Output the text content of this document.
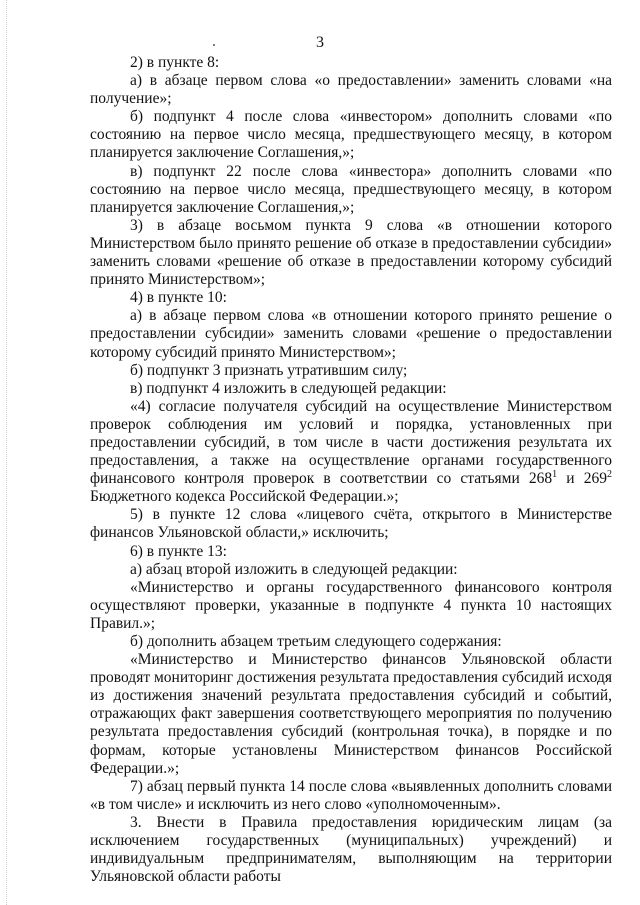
3

2) в пункте 8:

а) в абзаце первом слова «о предоставлении» заменить словами «на получение»;

б) подпункт 4 после слова «инвестором» дополнить словами «по состоянию на первое число месяца, предшествующего месяцу, в котором планируется заключение Соглашения,»;

в) подпункт 22 после слова «инвестора» дополнить словами «по состоянию на первое число месяца, предшествующего месяцу, в котором планируется заключение Соглашения,»;

3) в абзаце восьмом пункта 9 слова «в отношении которого Министерством было принято решение об отказе в предоставлении субсидии» заменить словами «решение об отказе в предоставлении которому субсидий принято Министерством»;

4) в пункте 10:

а) в абзаце первом слова «в отношении которого принято решение о предоставлении субсидии» заменить словами «решение о предоставлении которому субсидий принято Министерством»;

б) подпункт 3 признать утратившим силу;

в) подпункт 4 изложить в следующей редакции:

«4) согласие получателя субсидий на осуществление Министерством проверок соблюдения им условий и порядка, установленных при предоставлении субсидий, в том числе в части достижения результата их предоставления, а также на осуществление органами государственного финансового контроля проверок в соответствии со статьями $268^1$ и $269^2$ Бюджетного кодекса Российской Федерации.»;

5) в пункте 12 слова «лицевого счёта, открытого в Министерстве финансов Ульяновской области,» исключить;

6) в пункте 13:

а) абзац второй изложить в следующей редакции:

«Министерство и органы государственного финансового контроля осуществляют проверки, указанные в подпункте 4 пункта 10 настоящих Правил.»;

б) дополнить абзацем третьим следующего содержания:

«Министерство и Министерство финансов Ульяновской области проводят мониторинг достижения результата предоставления субсидий исходя из достижения значений результата предоставления субсидий и событий, отражающих факт завершения соответствующего мероприятия по получению результата предоставления субсидий (контрольная точка), в порядке и по формам, которые установлены Министерством финансов Российской Федерации.»;

7) абзац первый пункта 14 после слова «выявленных дополнить словами «в том числе» и исключить из него слово «уполномоченным».

3. Внести в Правила предоставления юридическим лицам (за исключением государственных (муниципальных) учреждений) и индивидуальным предпринимателям, выполняющим на территории Ульяновской области работы
